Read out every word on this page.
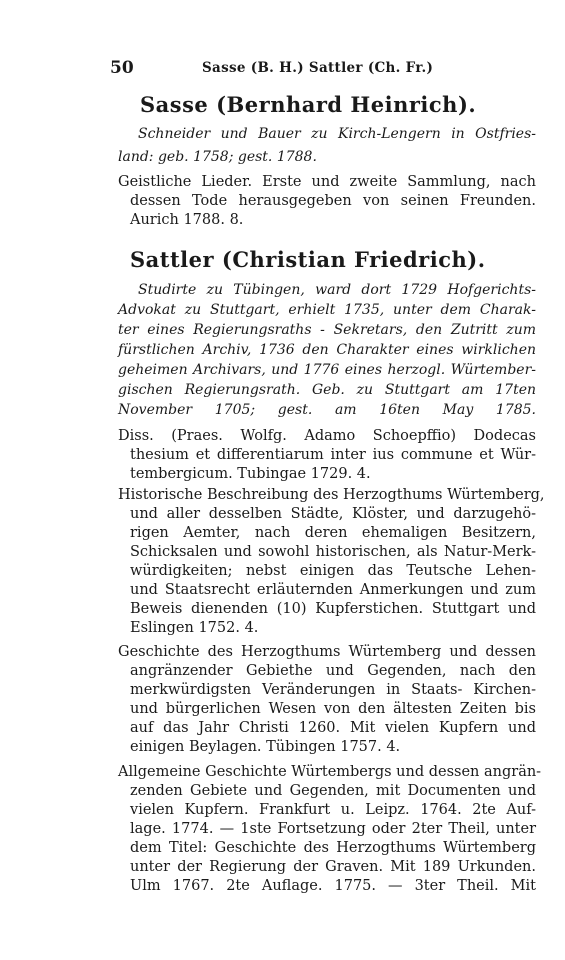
50	Sasse (B. H.) Sattler (Ch. Fr.)
Sasse (Bernhard Heinrich).
Schneider und Bauer zu Kirch-Lengern in Ostfries-
land: geb. 1758; gest. 1788.
Geistliche Lieder. Erste und zweite Sammlung, nach
dessen Tode herausgegeben von seinen Freunden.
Aurich 1788. 8.
Sattler (Christian Friedrich).
Studirte zu Tübingen, ward dort 1729 Hofgerichts-
Advokat zu Stuttgart, erhielt 1735, unter dem Charak-
ter eines Regierungsraths - Sekretars, den Zutritt zum
fürstlichen Archiv, 1736 den Charakter eines wirklichen
geheimen Archivars, und 1776 eines herzogl. Würtember-
gischen Regierungsrath. Geb. zu Stuttgart am 17ten
November 1705; gest. am 16ten May 1785.
Diss. (Praes. Wolfg. Adamo Schoepffio) Dodecas
thesium et differentiarum inter ius commune et Wür-
tembergicum. Tubingae 1729. 4.
Historische Beschreibung des Herzogthums Würtemberg,
und aller desselben Städte, Klöster, und darzugehö-
rigen Aemter, nach deren ehemaligen Besitzern,
Schicksalen und sowohl historischen, als Natur-Merk-
würdigkeiten; nebst einigen das Teutsche Lehen-
und Staatsrecht erläuternden Anmerkungen und zum
Beweis dienenden (10) Kupferstichen. Stuttgart und
Eslingen 1752. 4.
Geschichte des Herzogthums Würtemberg und dessen
angränzender Gebiethe und Gegenden, nach den
merkwürdigsten Veränderungen in Staats- Kirchen-
und bürgerlichen Wesen von den ältesten Zeiten bis
auf das Jahr Christi 1260. Mit vielen Kupfern und
einigen Beylagen. Tübingen 1757. 4.
Allgemeine Geschichte Würtembergs und dessen angrän-
zenden Gebiete und Gegenden, mit Documenten und
vielen Kupfern. Frankfurt u. Leipz. 1764. 2te Auf-
lage. 1774. — 1ste Fortsetzung oder 2ter Theil, unter
dem Titel: Geschichte des Herzogthums Würtemberg
unter der Regierung der Graven. Mit 189 Urkunden.
Ulm 1767. 2te Auflage. 1775. — 3ter Theil. Mit
